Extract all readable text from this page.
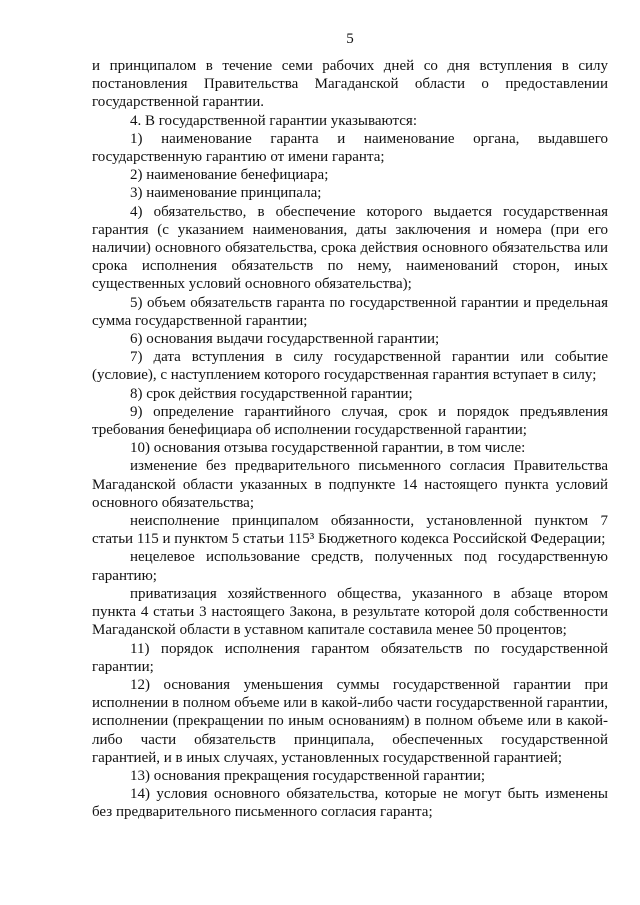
5

и принципалом в течение семи рабочих дней со дня вступления в силу постановления Правительства Магаданской области о предоставлении государственной гарантии.

4. В государственной гарантии указываются:

1) наименование гаранта и наименование органа, выдавшего государственную гарантию от имени гаранта;

2) наименование бенефициара;

3) наименование принципала;

4) обязательство, в обеспечение которого выдается государственная гарантия (с указанием наименования, даты заключения и номера (при его наличии) основного обязательства, срока действия основного обязательства или срока исполнения обязательств по нему, наименований сторон, иных существенных условий основного обязательства);

5) объем обязательств гаранта по государственной гарантии и предельная сумма государственной гарантии;

6) основания выдачи государственной гарантии;

7) дата вступления в силу государственной гарантии или событие (условие), с наступлением которого государственная гарантия вступает в силу;

8) срок действия государственной гарантии;

9) определение гарантийного случая, срок и порядок предъявления требования бенефициара об исполнении государственной гарантии;

10) основания отзыва государственной гарантии, в том числе:

изменение без предварительного письменного согласия Правительства Магаданской области указанных в подпункте 14 настоящего пункта условий основного обязательства;

неисполнение принципалом обязанности, установленной пунктом 7 статьи 115 и пунктом 5 статьи 115³ Бюджетного кодекса Российской Федерации;

нецелевое использование средств, полученных под государственную гарантию;

приватизация хозяйственного общества, указанного в абзаце втором пункта 4 статьи 3 настоящего Закона, в результате которой доля собственности Магаданской области в уставном капитале составила менее 50 процентов;

11) порядок исполнения гарантом обязательств по государственной гарантии;

12) основания уменьшения суммы государственной гарантии при исполнении в полном объеме или в какой-либо части государственной гарантии, исполнении (прекращении по иным основаниям) в полном объеме или в какой-либо части обязательств принципала, обеспеченных государственной гарантией, и в иных случаях, установленных государственной гарантией;

13) основания прекращения государственной гарантии;

14) условия основного обязательства, которые не могут быть изменены без предварительного письменного согласия гаранта;
